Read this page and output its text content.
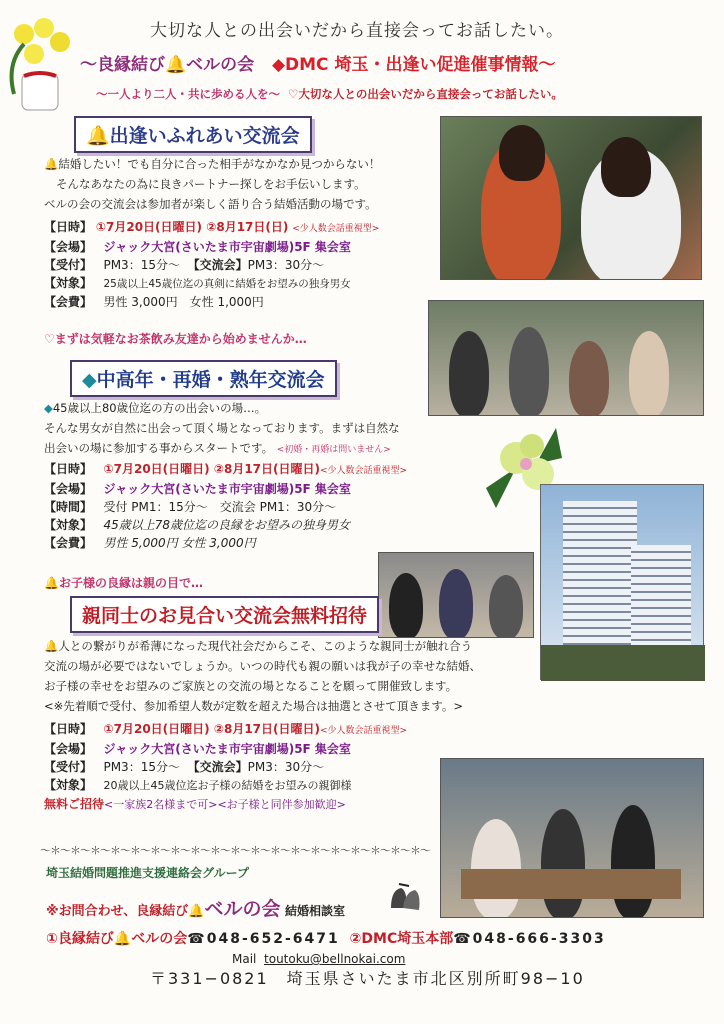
大切な人との出会いだから直接会ってお話したい。
〜良縁結び🔔ベルの会 ◆DMC 埼玉・出逢い促進催事情報〜
〜一人より二人・共に歩める人を〜 ♡大切な人との出会いだから直接会ってお話したい。
🔔出逢いふれあい交流会
🔔結婚したい！でも自分に合った相手がなかなか見つからない！
そんなあなたの為に良きパートナー探しをお手伝いします。
ベルの会の交流会は参加者が楽しく語り合う結婚活動の場です。
【日時】 ①7月20日(日曜日) ②8月17日(日) <少人数会話重視型>
【会場】 ジャック大宮(さいたま市宇宙劇場)5F 集会室
【受付】 PM3：15分〜 【交流会】PM3：30分〜
【対象】 25歳以上45歳位迄の真剣に結婚をお望みの独身男女
【会費】 男性 3,000円　女性 1,000円
♡まずは気軽なお茶飲み友達から始めませんか…
◆中高年・再婚・熟年交流会
◆45歳以上80歳位迄の方の出会いの場…。
そんな男女が自然に出会って頂く場となっております。まずは自然な
出会いの場に参加する事からスタートです。 <初婚・再婚は問いません>
【日時】 ①7月20日(日曜日) ②8月17日(日曜日)<少人数会話重視型>
【会場】 ジャック大宮(さいたま市宇宙劇場)5F 集会室
【時間】 受付 PM1：15分〜　交流会 PM1：30分〜
【対象】 45歳以上78歳位迄の良縁をお望みの独身男女
【会費】 男性 5,000円 女性 3,000円
🔔お子様の良縁は親の目で…
親同士のお見合い交流会無料招待
🔔人との繋がりが希薄になった現代社会だからこそ、このような親同士が触れ合う
交流の場が必要ではないでしょうか。いつの時代も親の願いは我が子の幸せな結婚、
お子様の幸せをお望みのご家族との交流の場となることを願って開催致します。
<※先着順で受付、参加希望人数が定数を超えた場合は抽選とさせて頂きます。>
【日時】 ①7月20日(日曜日) ②8月17日(日曜日)<少人数会話重視型>
【会場】 ジャック大宮(さいたま市宇宙劇場)5F 集会室
【受付】 PM3：15分〜 【交流会】PM3：30分〜
【対象】 20歳以上45歳位迄お子様の結婚をお望みの親御様
無料ご招待<一家族2名様まで可><お子様と同伴参加歓迎>
〜＊〜＊〜＊〜＊〜＊〜＊〜＊〜＊〜＊〜＊〜＊〜＊〜＊〜＊〜＊〜＊〜＊〜＊〜＊〜
埼玉結婚問題推進支援連絡会グループ
※お問合わせ、良縁結び🔔ベルの会 結婚相談室
①良縁結び🔔ベルの会☎048-652-6471 ②DMC埼玉本部☎048-666-3303
Mail toutoku@bellnokai.com
〒331−0821　埼玉県さいたま市北区別所町98−10
